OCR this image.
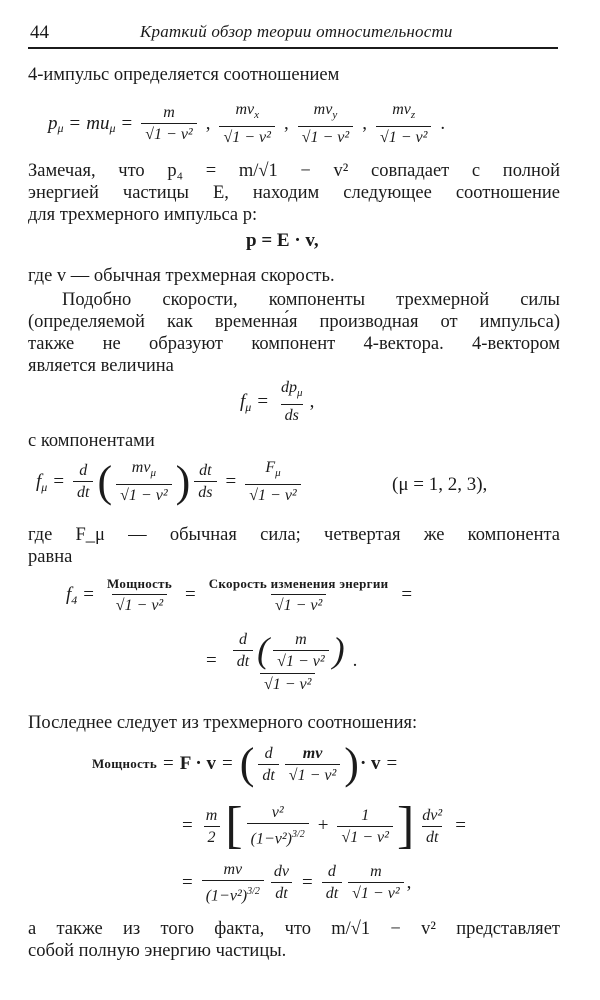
44	Краткий обзор теории относительности
4-импульс определяется соотношением
p μ = mu $\mu = \frac{m}{\text{√1 − v²}}$ , $\frac{mv_x}{\text{√1 − v²}}$ , $\frac{mv_y}{\text{√1 − v²}}$ , $\frac{mv_z}{\text{√1 − v²}}$ .
Замечая, что p₄ = m/√1 − v² совпадает с полной
энергией частицы E, находим следующее соотношение
для трехмерного импульса p:
p = E · v,
где v — обычная трехмерная скорость.
Подобно скорости, компоненты трехмерной силы
(определяемой как временна́я производная от импульса)
также не образуют компонент 4-вектора. 4-вектором
является величина
f $\mu = \frac{dp_\mu}{ds}$ ,
с компонентами
f $\mu = \frac{d}{dt}$ ( $\frac{mv_\mu}{\text{√1 − v²}}$ ) $\frac{dt}{ds} = \frac{F_\mu}{\text{√1 − v²}}$	(μ = 1, 2, 3),
где F_μ — обычная сила; четвертая же компонента
равна
f $4 = \frac{\text{Мощность}}{\text{√1 − v²}} = \frac{\text{Скорость изменения энергии}}{\text{√1 − v²}}$ =
= $\frac{\frac{d}{dt} ( \frac{m}{\text{√1 − v²}} )}{\text{√1 − v²}}$ .
Последнее следует из трехмерного соотношения:
Мощность = F · v = ( $\frac{d}{dt} \frac{mv}{\text{√1 − v²}}$ ) · v =
= $\frac{m}{2}$ [ $\frac{\text{v²}}{(1-v^2)^{3/2}} + \frac{1}{\text{√1 − v²}}$ ] $\frac{\text{dv²}}{dt}$ =
= $\frac{mv}{(1-v^2)^{3/2}} \frac{dv}{dt} = \frac{d}{dt} \frac{m}{\text{√1 − v²}}$ ,
а также из того факта, что m/√1 − v² представляет
собой полную энергию частицы.
